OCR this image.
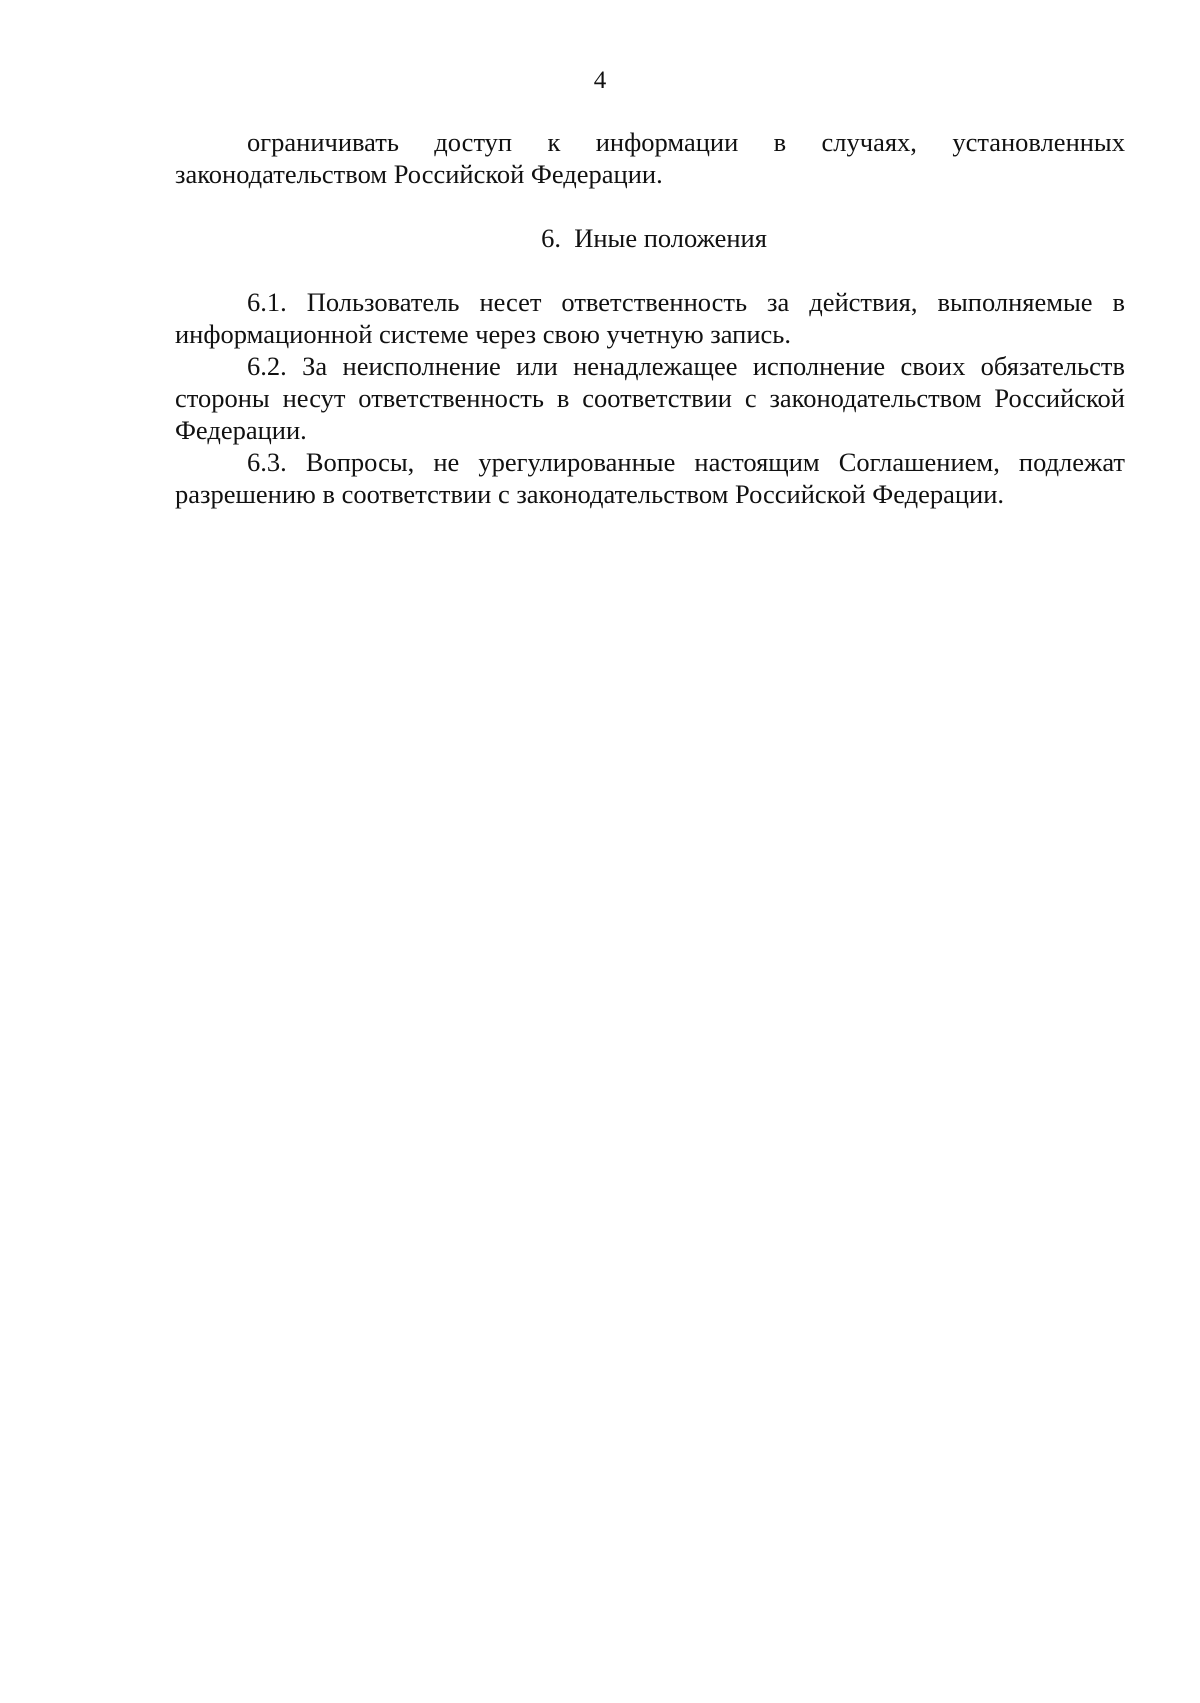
4

ограничивать доступ к информации в случаях, установленных законодательством Российской Федерации.

6. Иные положения

6.1. Пользователь несет ответственность за действия, выполняемые в информационной системе через свою учетную запись.

6.2. За неисполнение или ненадлежащее исполнение своих обязательств стороны несут ответственность в соответствии с законодательством Российской Федерации.

6.3. Вопросы, не урегулированные настоящим Соглашением, подлежат разрешению в соответствии с законодательством Российской Федерации.
